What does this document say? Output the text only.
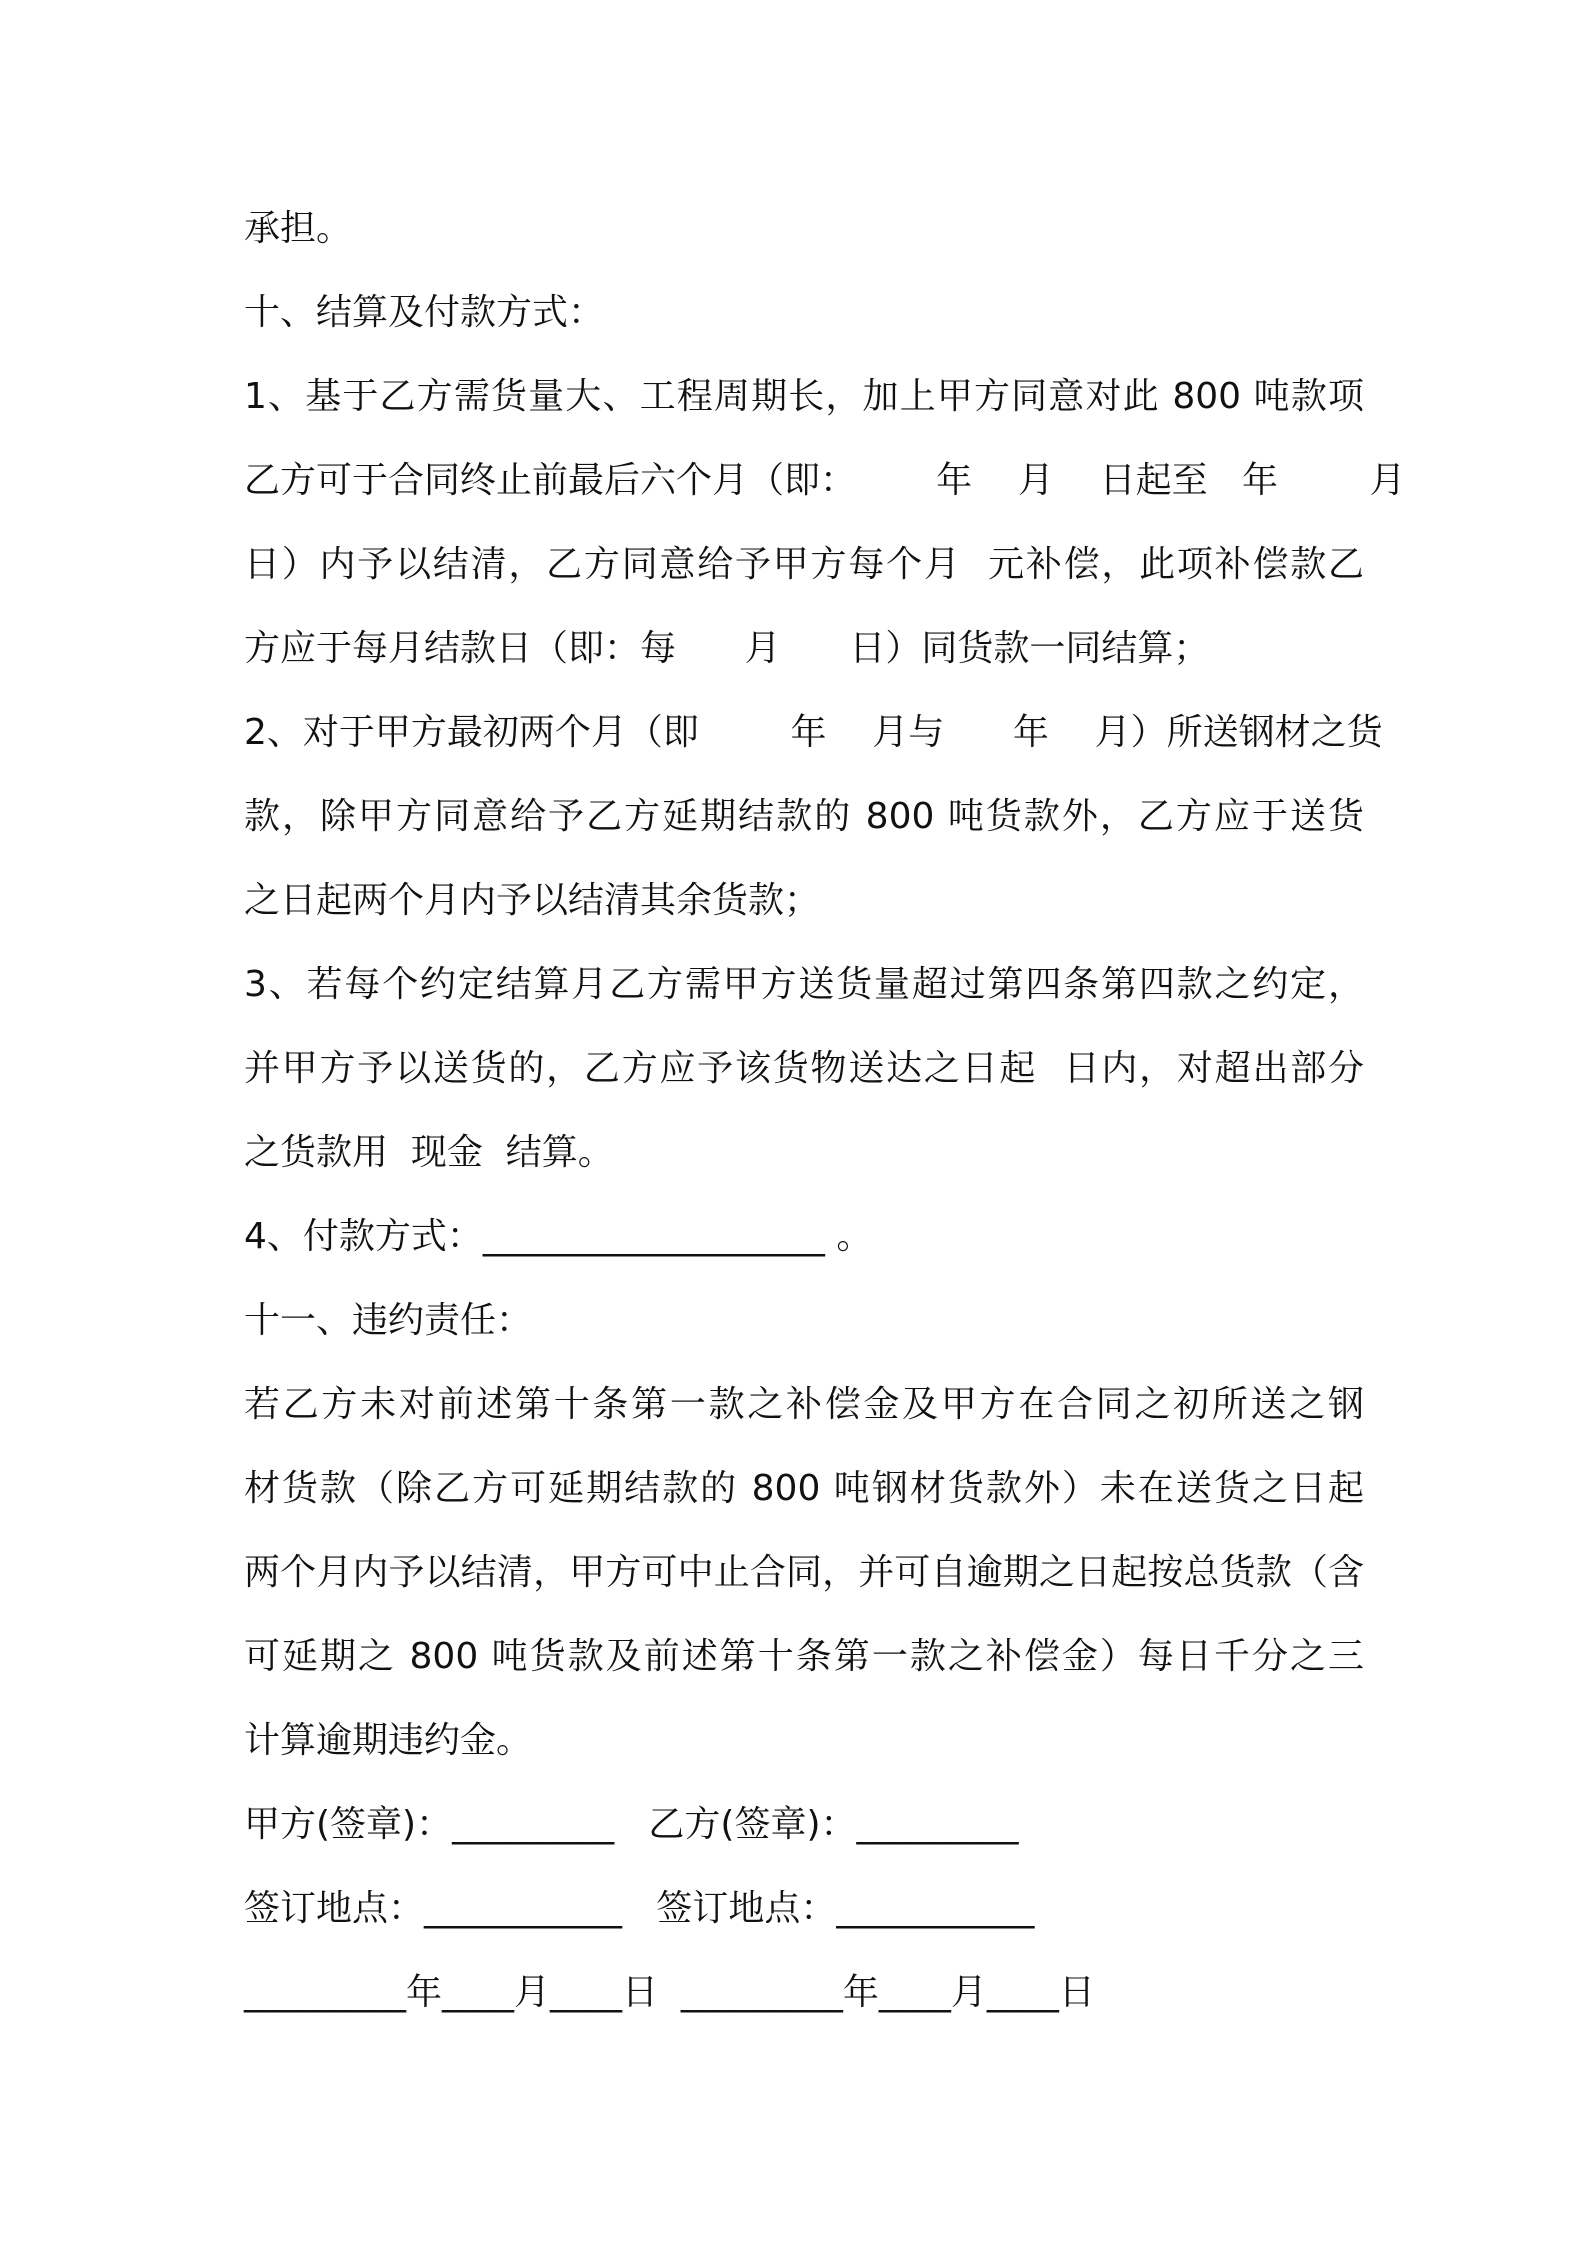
承担。
十、结算及付款方式：
1、基于乙方需货量大、工程周期长，加上甲方同意对此 800 吨款项
乙方可于合同终止前最后六个月（即：       年    月    日起至   年        月
日）内予以结清，乙方同意给予甲方每个月  元补偿，此项补偿款乙
方应于每月结款日（即：每      月      日）同货款一同结算；
2、对于甲方最初两个月（即        年    月与      年    月）所送钢材之货
款，除甲方同意给予乙方延期结款的 800 吨货款外，乙方应于送货
之日起两个月内予以结清其余货款；
3、若每个约定结算月乙方需甲方送货量超过第四条第四款之约定，
并甲方予以送货的，乙方应予该货物送达之日起  日内，对超出部分
之货款用  现金  结算。
4、付款方式：___________________ 。
十一、违约责任：
若乙方未对前述第十条第一款之补偿金及甲方在合同之初所送之钢
材货款（除乙方可延期结款的 800 吨钢材货款外）未在送货之日起
两个月内予以结清，甲方可中止合同，并可自逾期之日起按总货款（含
可延期之 800 吨货款及前述第十条第一款之补偿金）每日千分之三
计算逾期违约金。
甲方(签章)：_________   乙方(签章)：_________
签订地点：___________   签订地点：___________
_________年____月____日  _________年____月____日
